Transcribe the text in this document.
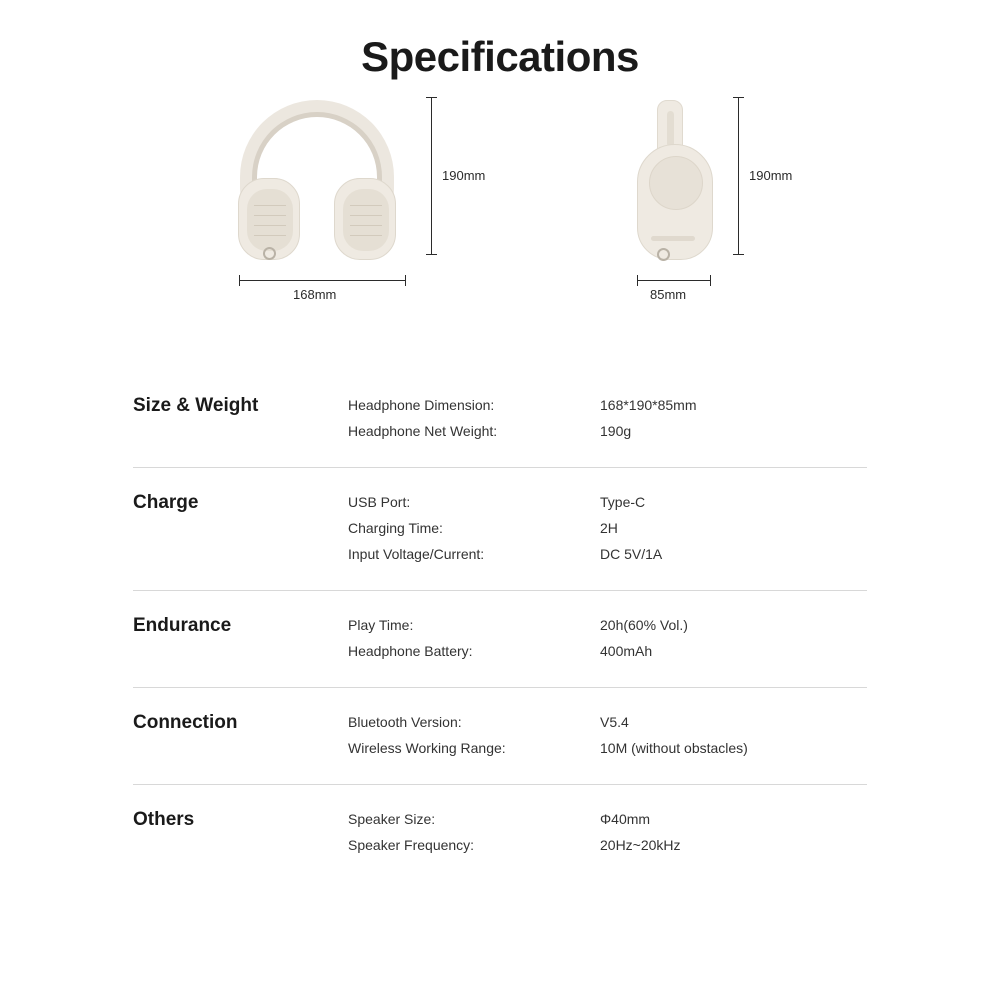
Specifications
190mm
168mm
190mm
85mm
Size & Weight	Headphone Dimension:	168*190*85mm
Headphone Net Weight:	190g
Charge	USB Port:	Type-C
Charging Time:	2H
Input Voltage/Current:	DC 5V/1A
Endurance	Play Time:	20h(60% Vol.)
Headphone Battery:	400mAh
Connection	Bluetooth Version:	V5.4
Wireless Working Range:	10M (without obstacles)
Others	Speaker Size:	Φ40mm
Speaker Frequency:	20Hz~20kHz
